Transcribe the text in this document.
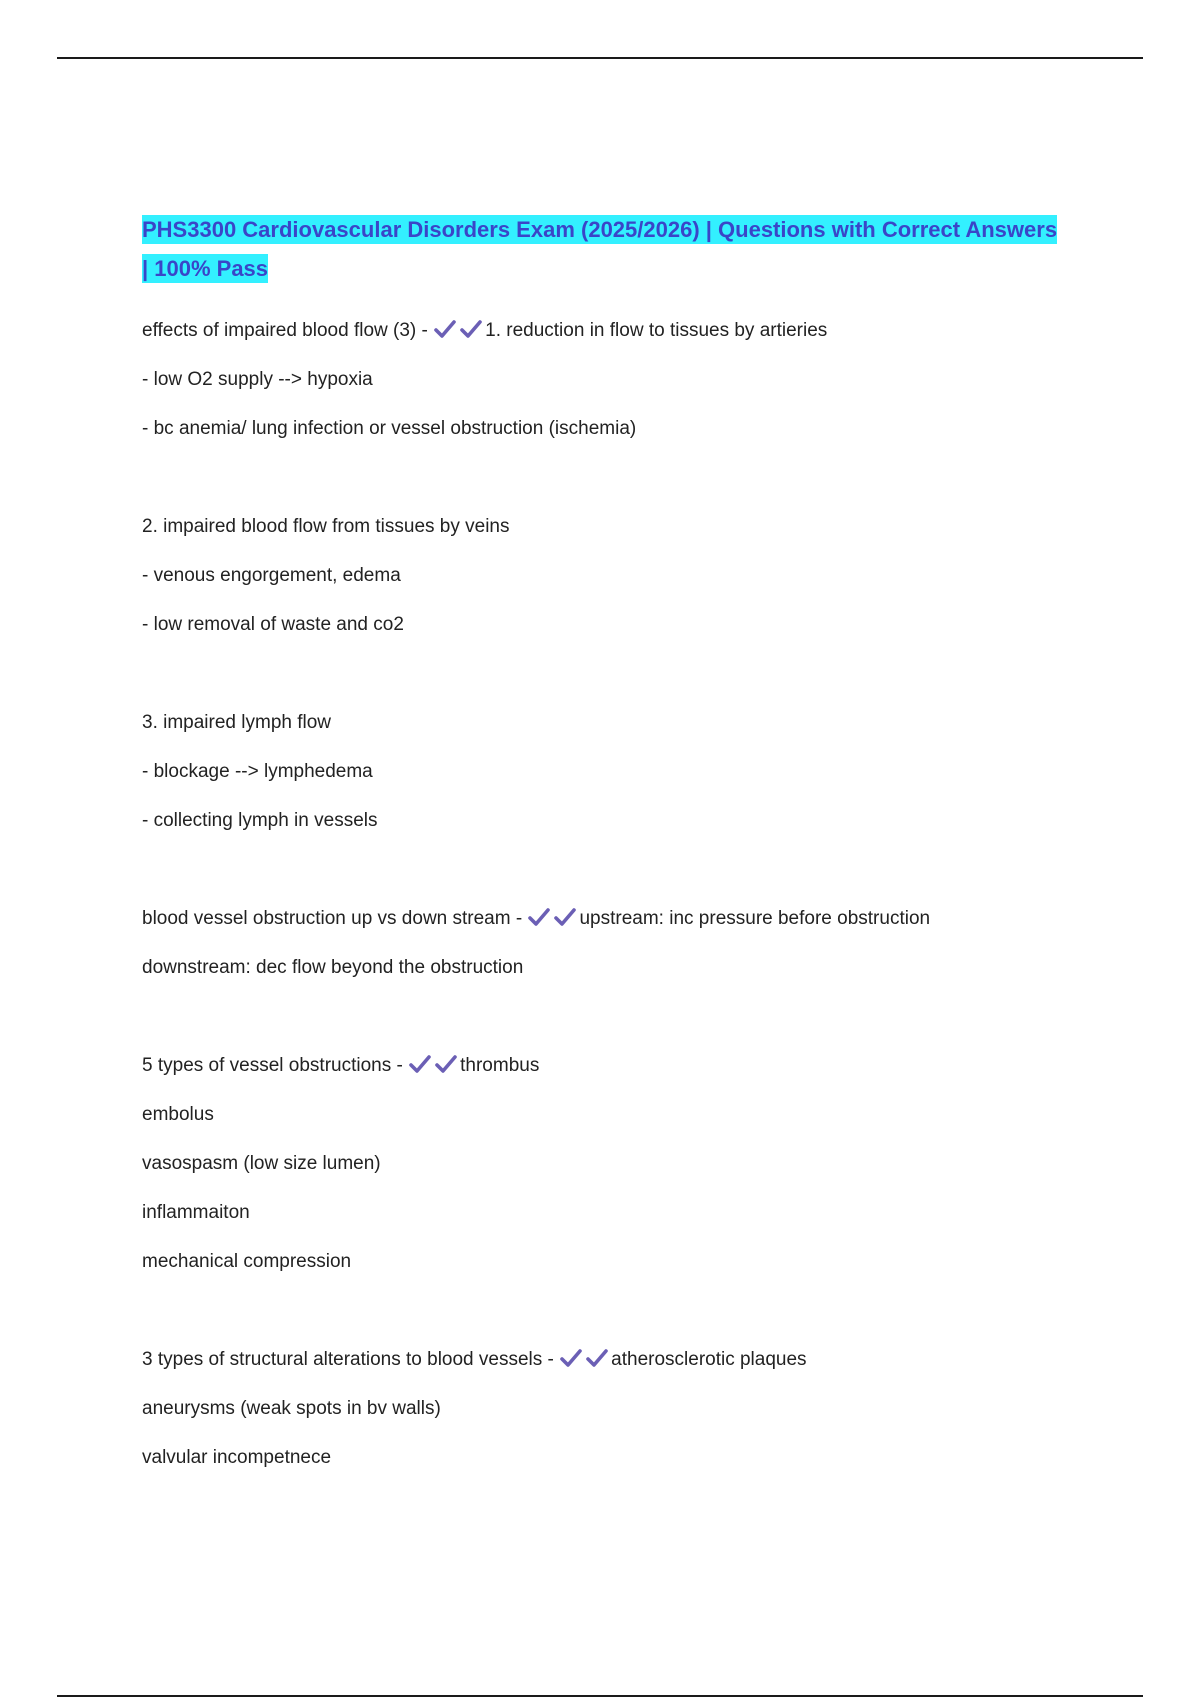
PHS3300 Cardiovascular Disorders Exam (2025/2026) | Questions with Correct Answers | 100% Pass
effects of impaired blood flow (3) -	1. reduction in flow to tissues by artieries
- low O2 supply --> hypoxia
- bc anemia/ lung infection or vessel obstruction (ischemia)
2. impaired blood flow from tissues by veins
- venous engorgement, edema
- low removal of waste and co2
3. impaired lymph flow
- blockage --> lymphedema
- collecting lymph in vessels
blood vessel obstruction up vs down stream -	upstream: inc pressure before obstruction
downstream: dec flow beyond the obstruction
5 types of vessel obstructions -	thrombus
embolus
vasospasm (low size lumen)
inflammaiton
mechanical compression
3 types of structural alterations to blood vessels -	atherosclerotic plaques
aneurysms (weak spots in bv walls)
valvular incompetnece
